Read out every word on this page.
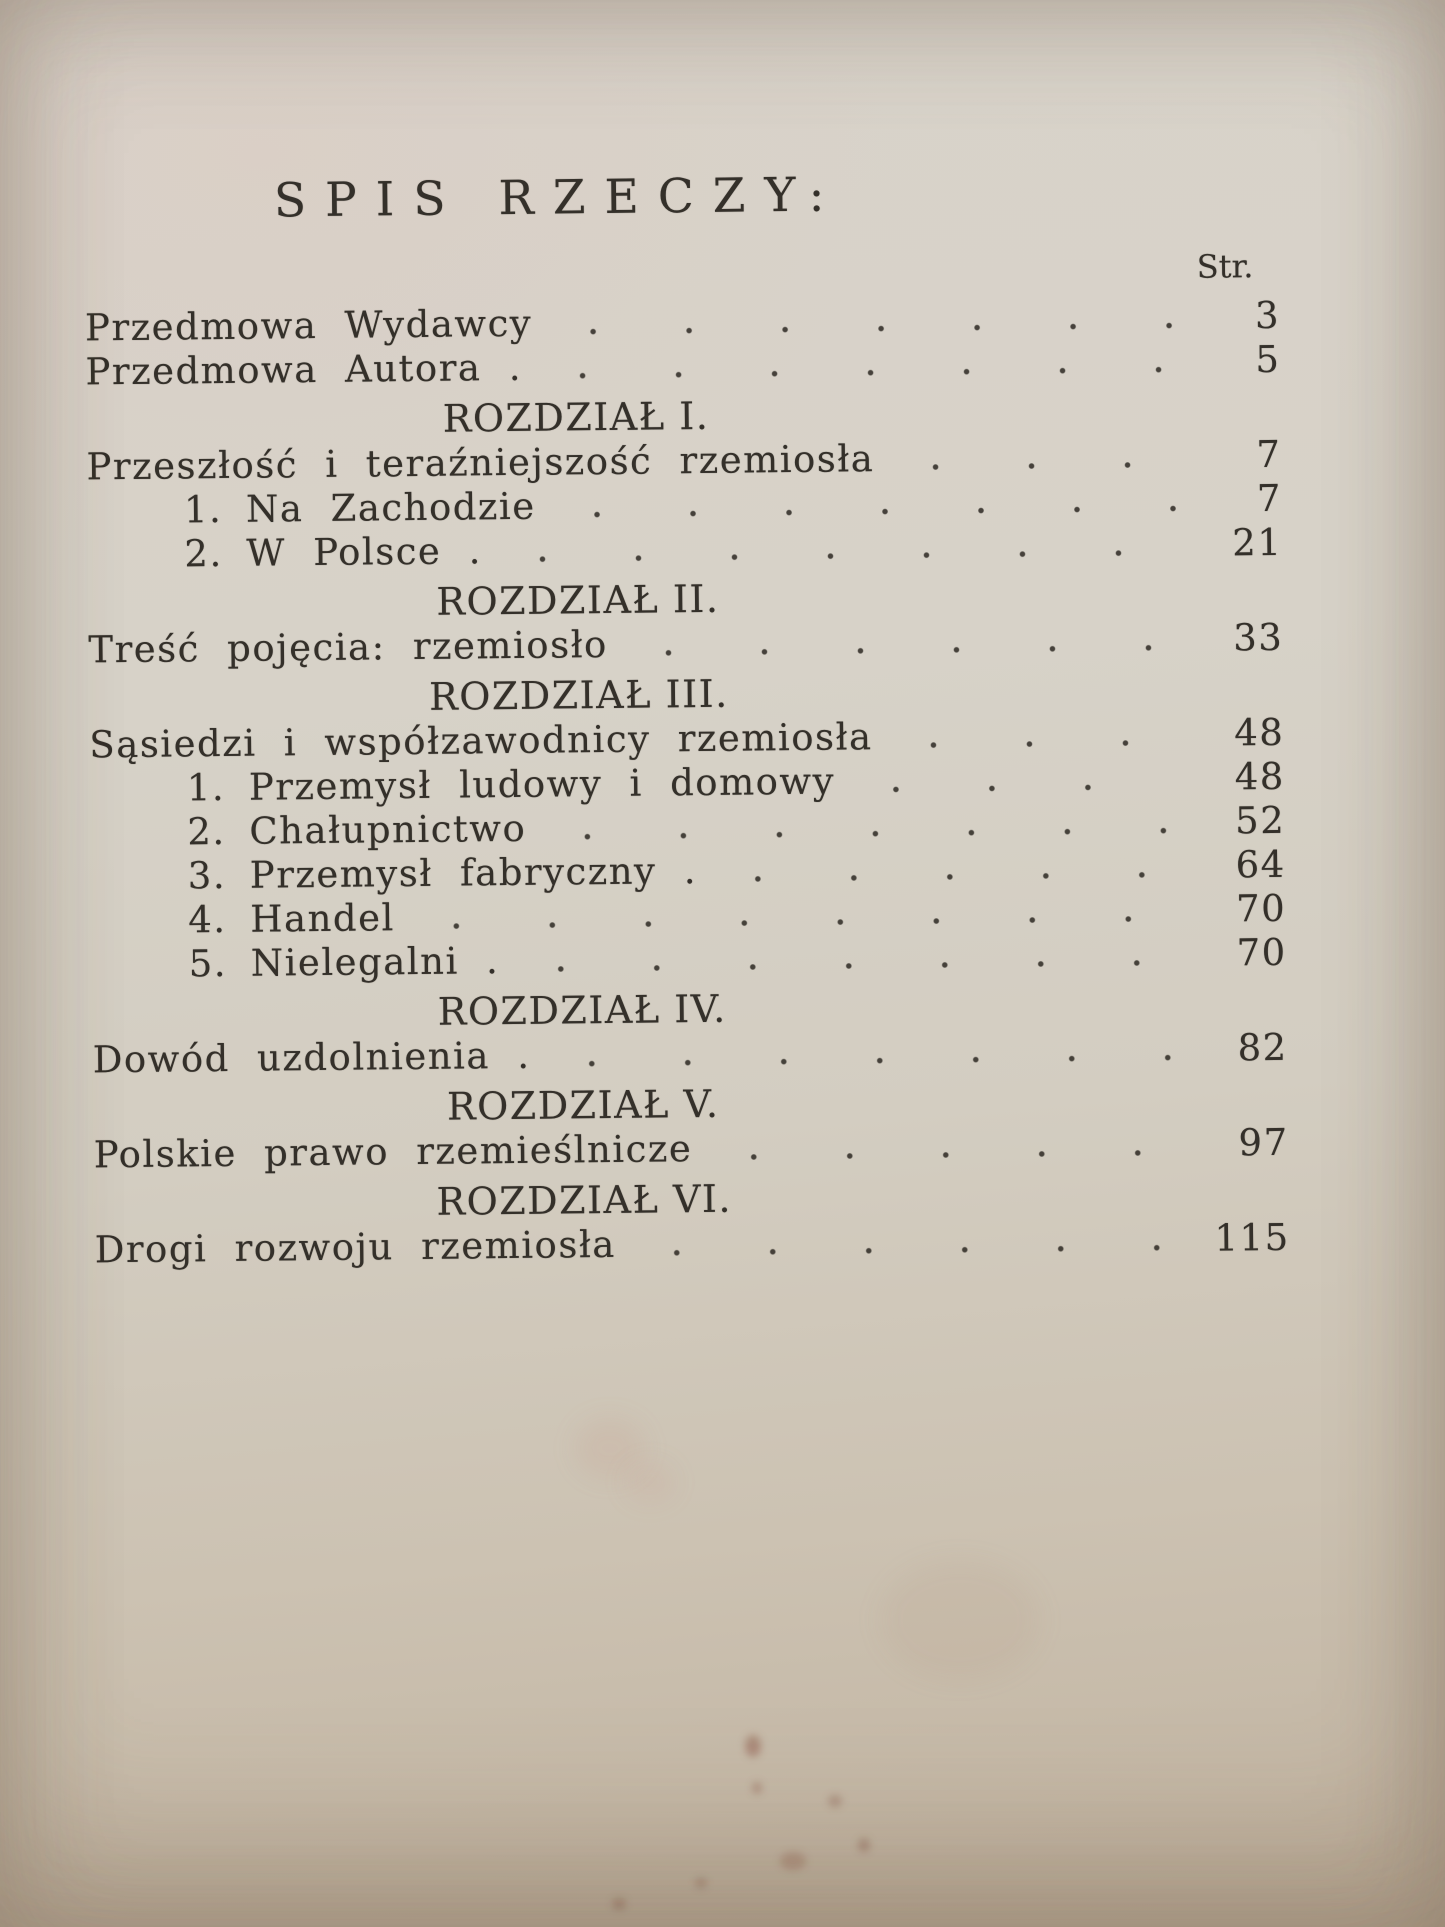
SPIS RZECZY:
Str.
Przedmowa Wydawcy	3
Przedmowa Autora .	5
ROZDZIAŁ I.
Przeszłość i teraźniejszość rzemiosła	7
1. Na Zachodzie	7
2. W Polsce .	21
ROZDZIAŁ II.
Treść pojęcia: rzemiosło	33
ROZDZIAŁ III.
Sąsiedzi i współzawodnicy rzemiosła	48
1. Przemysł ludowy i domowy	48
2. Chałupnictwo	52
3. Przemysł fabryczny .	64
4. Handel	70
5. Nielegalni .	70
ROZDZIAŁ IV.
Dowód uzdolnienia .	82
ROZDZIAŁ V.
Polskie prawo rzemieślnicze	97
ROZDZIAŁ VI.
Drogi rozwoju rzemiosła	115
